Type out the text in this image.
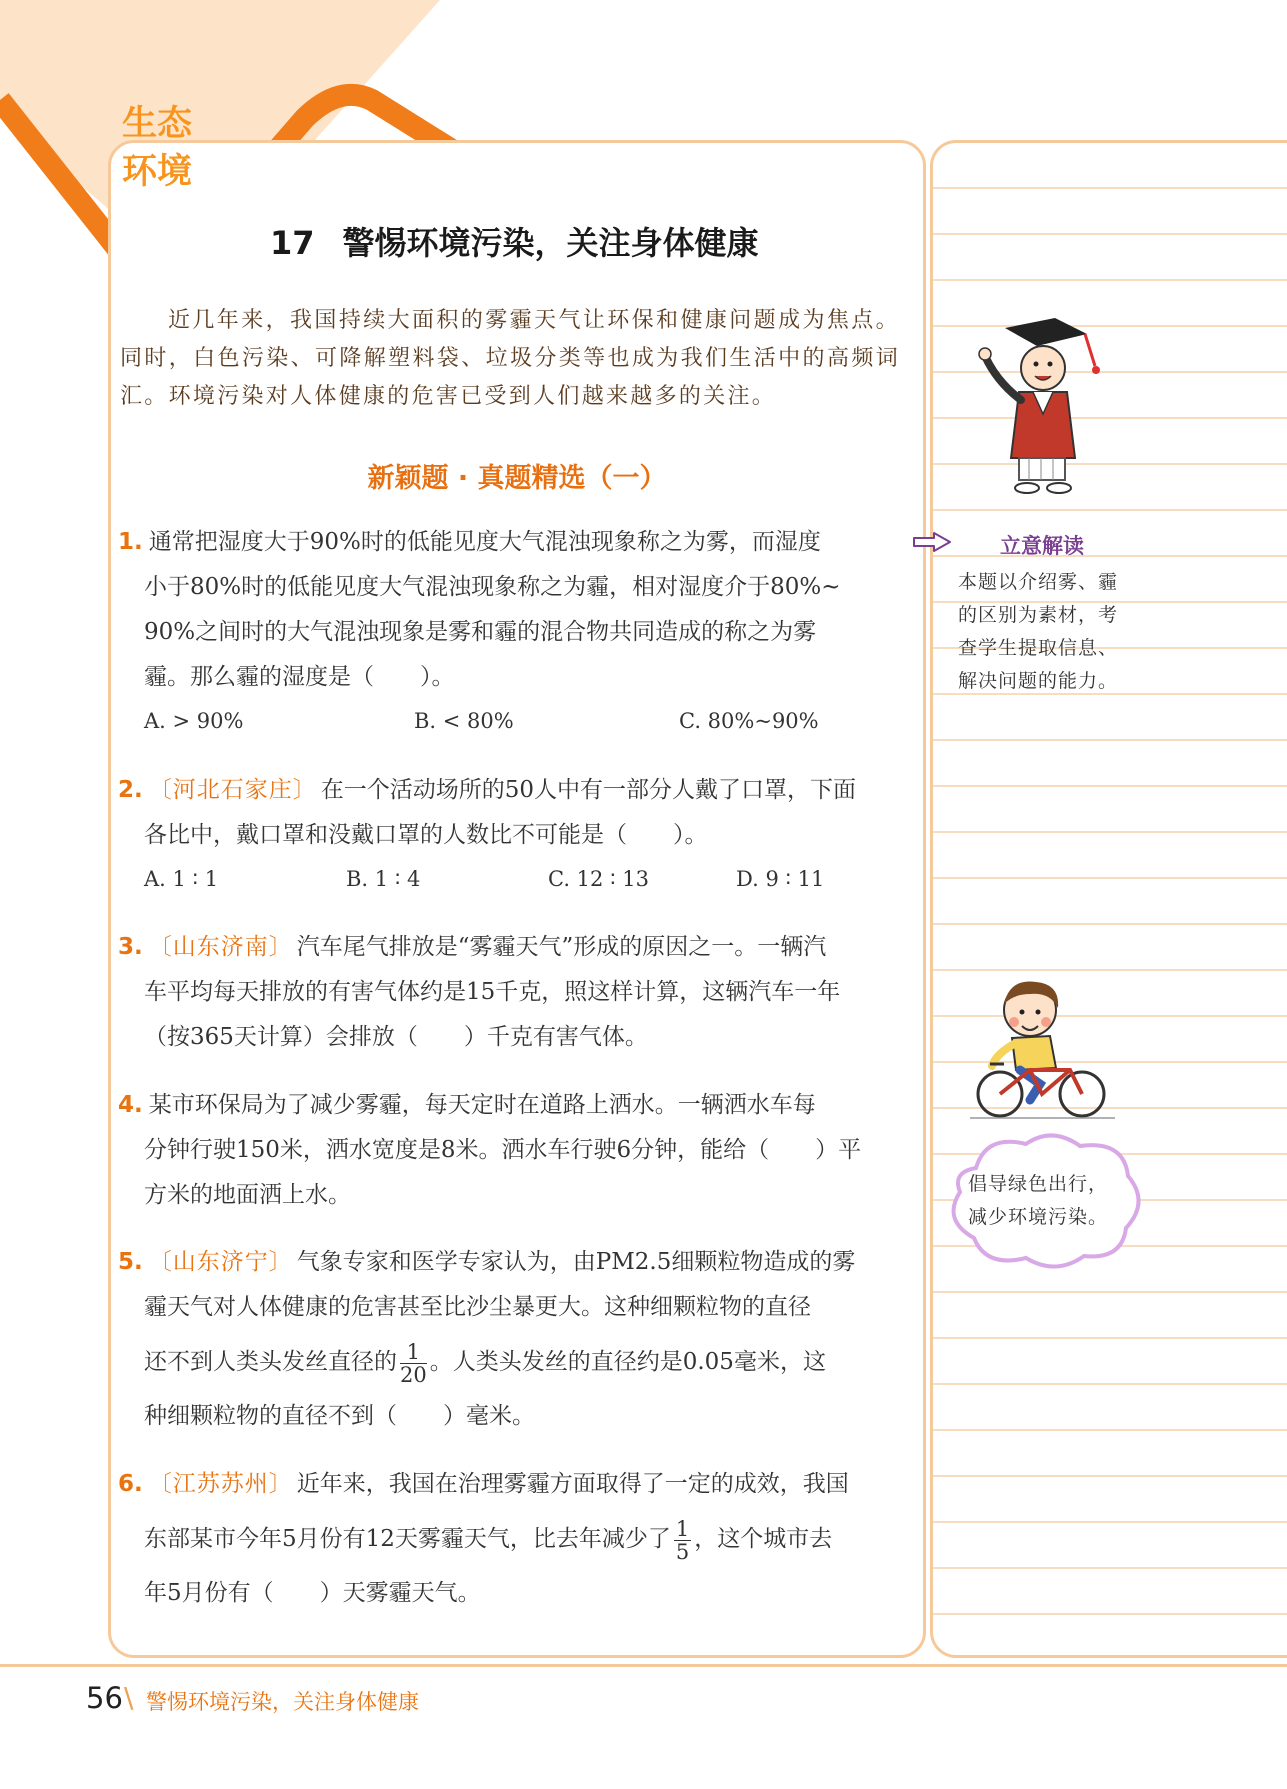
生态
环境
17 警惕环境污染，关注身体健康
近几年来，我国持续大面积的雾霾天气让环保和健康问题成为焦点。同时，白色污染、可降解塑料袋、垃圾分类等也成为我们生活中的高频词汇。环境污染对人体健康的危害已受到人们越来越多的关注。
新颖题 · 真题精选（一）
1. 通常把湿度大于90%时的低能见度大气混浊现象称之为雾，而湿度
小于80%时的低能见度大气混浊现象称之为霾，相对湿度介于80%~
90%之间时的大气混浊现象是雾和霾的混合物共同造成的称之为雾
霾。那么霾的湿度是（　　）。
A. > 90%	B. < 80%	C. 80%~90%
2. 〔河北石家庄〕 在一个活动场所的50人中有一部分人戴了口罩，下面
各比中，戴口罩和没戴口罩的人数比不可能是（　　）。
A. 1 ∶ 1	B. 1 ∶ 4	C. 12 ∶ 13	D. 9 ∶ 11
3. 〔山东济南〕 汽车尾气排放是“雾霾天气”形成的原因之一。一辆汽
车平均每天排放的有害气体约是15千克，照这样计算，这辆汽车一年
（按365天计算）会排放（　　）千克有害气体。
4. 某市环保局为了减少雾霾，每天定时在道路上洒水。一辆洒水车每
分钟行驶150米，洒水宽度是8米。洒水车行驶6分钟，能给（　　）平
方米的地面洒上水。
5. 〔山东济宁〕 气象专家和医学专家认为，由PM2.5细颗粒物造成的雾
霾天气对人体健康的危害甚至比沙尘暴更大。这种细颗粒物的直径
还不到人类头发丝直径的 $\frac{1}{20}$ 。人类头发丝的直径约是0.05毫米，这
种细颗粒物的直径不到（　　）毫米。
6. 〔江苏苏州〕 近年来，我国在治理雾霾方面取得了一定的成效，我国
东部某市今年5月份有12天雾霾天气，比去年减少了 $\frac{1}{5}$ ，这个城市去
年5月份有（　　）天雾霾天气。
立意解读
本题以介绍雾、霾
的区别为素材，考
查学生提取信息、
解决问题的能力。
倡导绿色出行，
减少环境污染。
56 \ 警惕环境污染，关注身体健康
